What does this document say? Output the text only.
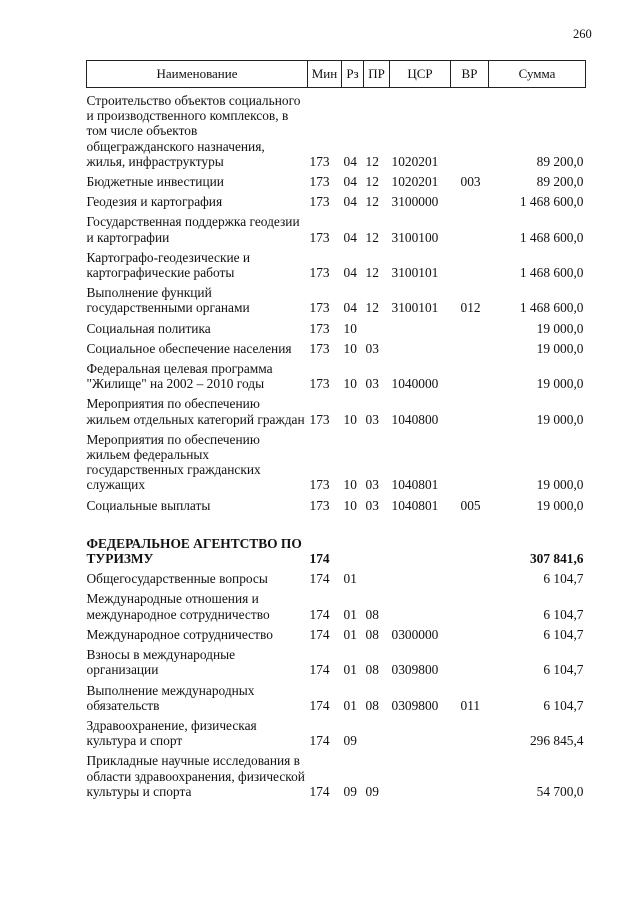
260
Наименование	Мин	Рз	ПР	ЦСР	ВР	Сумма
Строительство объектов социального и производственного комплексов, в том числе объектов общегражданского назначения, жилья, инфраструктуры	173	04	12	1020201		89 200,0
Бюджетные инвестиции	173	04	12	1020201	003	89 200,0
Геодезия и картография	173	04	12	3100000		1 468 600,0
Государственная поддержка геодезии и картографии	173	04	12	3100100		1 468 600,0
Картографо-геодезические и картографические работы	173	04	12	3100101		1 468 600,0
Выполнение функций государственными органами	173	04	12	3100101	012	1 468 600,0
Социальная политика	173	10				19 000,0
Социальное обеспечение населения	173	10	03			19 000,0
Федеральная целевая программа "Жилище" на 2002 – 2010 годы	173	10	03	1040000		19 000,0
Мероприятия по обеспечению жильем отдельных категорий граждан	173	10	03	1040800		19 000,0
Мероприятия по обеспечению жильем федеральных государственных гражданских служащих	173	10	03	1040801		19 000,0
Социальные выплаты	173	10	03	1040801	005	19 000,0
ФЕДЕРАЛЬНОЕ АГЕНТСТВО ПО ТУРИЗМУ	174					307 841,6
Общегосударственные вопросы	174	01				6 104,7
Международные отношения и международное сотрудничество	174	01	08			6 104,7
Международное сотрудничество	174	01	08	0300000		6 104,7
Взносы в международные организации	174	01	08	0309800		6 104,7
Выполнение международных обязательств	174	01	08	0309800	011	6 104,7
Здравоохранение, физическая культура и спорт	174	09				296 845,4
Прикладные научные исследования в области здравоохранения, физической культуры и спорта	174	09	09			54 700,0
